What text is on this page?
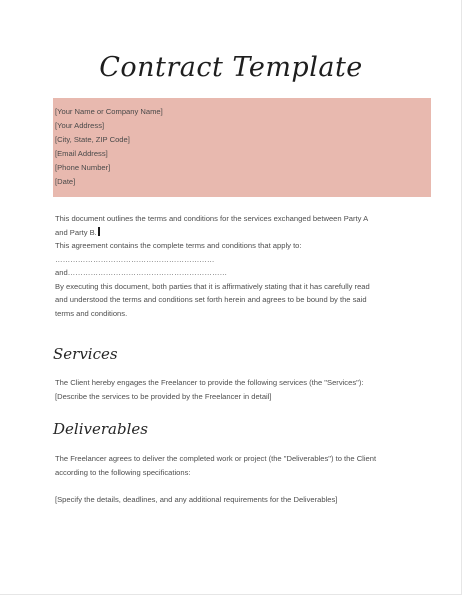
Contract Template
[Your Name or Company Name]
[Your Address]
[City, State, ZIP Code]
[Email Address]
[Phone Number]
[Date]

This document outlines the terms and conditions for the services exchanged between Party A

and Party B.

This agreement contains the complete terms and conditions that apply to:

………………………………………………………

and………………………………………………………

By executing this document, both parties that it is affirmatively stating that it has carefully read

and understood the terms and conditions set forth herein and agrees to be bound by the said

terms and conditions.

Services

The Client hereby engages the Freelancer to provide the following services (the "Services"):

[Describe the services to be provided by the Freelancer in detail]

Deliverables

The Freelancer agrees to deliver the completed work or project (the "Deliverables") to the Client

according to the following specifications:

[Specify the details, deadlines, and any additional requirements for the Deliverables]
